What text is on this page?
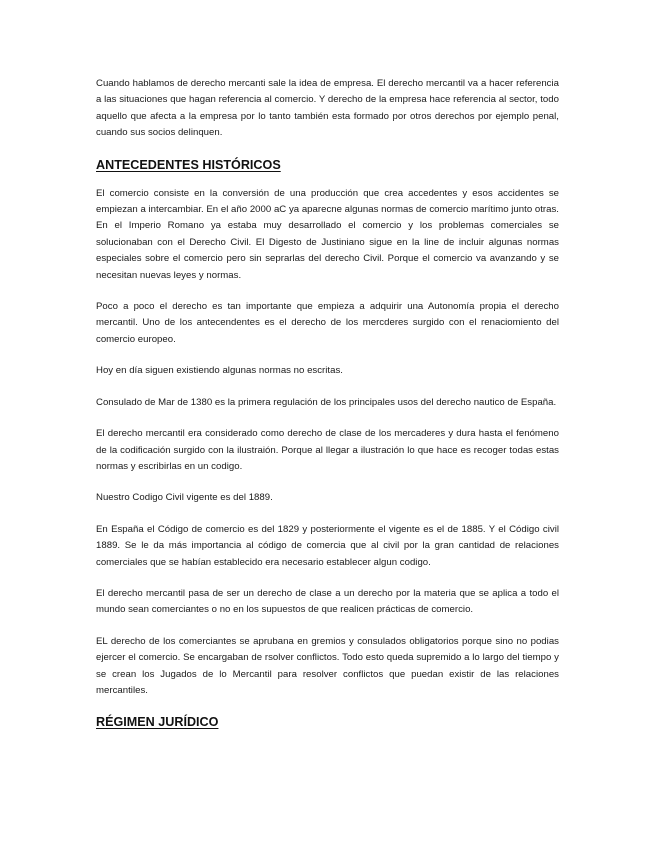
Cuando hablamos de derecho mercanti sale la idea de empresa. El derecho mercantil va a hacer referencia a las situaciones que hagan referencia al comercio. Y derecho de la empresa hace referencia al sector, todo aquello que afecta a la empresa por lo tanto también esta formado por otros derechos por ejemplo penal, cuando sus socios delinquen.

ANTECEDENTES HISTÓRICOS

El comercio consiste en la conversión de una producción que crea accedentes y esos accidentes se empiezan a intercambiar. En el año 2000 aC ya aparecne algunas normas de comercio marítimo junto otras. En el Imperio Romano ya estaba muy desarrollado el comercio y los problemas comerciales se solucionaban con el Derecho Civil. El Digesto de Justiniano sigue en la line de incluir algunas normas especiales sobre el comercio pero sin seprarlas del derecho Civil. Porque el comercio va avanzando y se necesitan nuevas leyes y normas.

Poco a poco el derecho es tan importante que empieza a adquirir una Autonomía propia el derecho mercantil. Uno de los antecendentes es el derecho de los mercderes surgido con el renaciomiento del comercio europeo.

Hoy en día siguen existiendo algunas normas no escritas.

Consulado de Mar de 1380 es la primera regulación de los principales usos del derecho nautico de España.

El derecho mercantil era considerado como derecho de clase de los mercaderes y dura hasta el fenómeno de la codificación surgido con la ilustraión. Porque al llegar a ilustración lo que hace es recoger todas estas normas y escribirlas en un codigo.

Nuestro Codigo Civil vigente es del 1889.

En España el Código de comercio es del 1829 y posteriormente el vigente es el de 1885. Y el Código civil 1889. Se le da más importancia al código de comercia que al civil por la gran cantidad de relaciones comerciales que se habían establecido era necesario establecer algun codigo.

El derecho mercantil pasa de ser un derecho de clase a un derecho por la materia que se aplica a todo el mundo sean comerciantes o no en los supuestos de que realicen prácticas de comercio.

EL derecho de los comerciantes se aprubana en gremios y consulados obligatorios porque sino no podias ejercer el comercio. Se encargaban de rsolver conflictos. Todo esto queda supremido a lo largo del tiempo y se crean los Jugados de lo Mercantil para resolver conflictos que puedan existir de las relaciones mercantiles.

RÉGIMEN JURÍDICO
